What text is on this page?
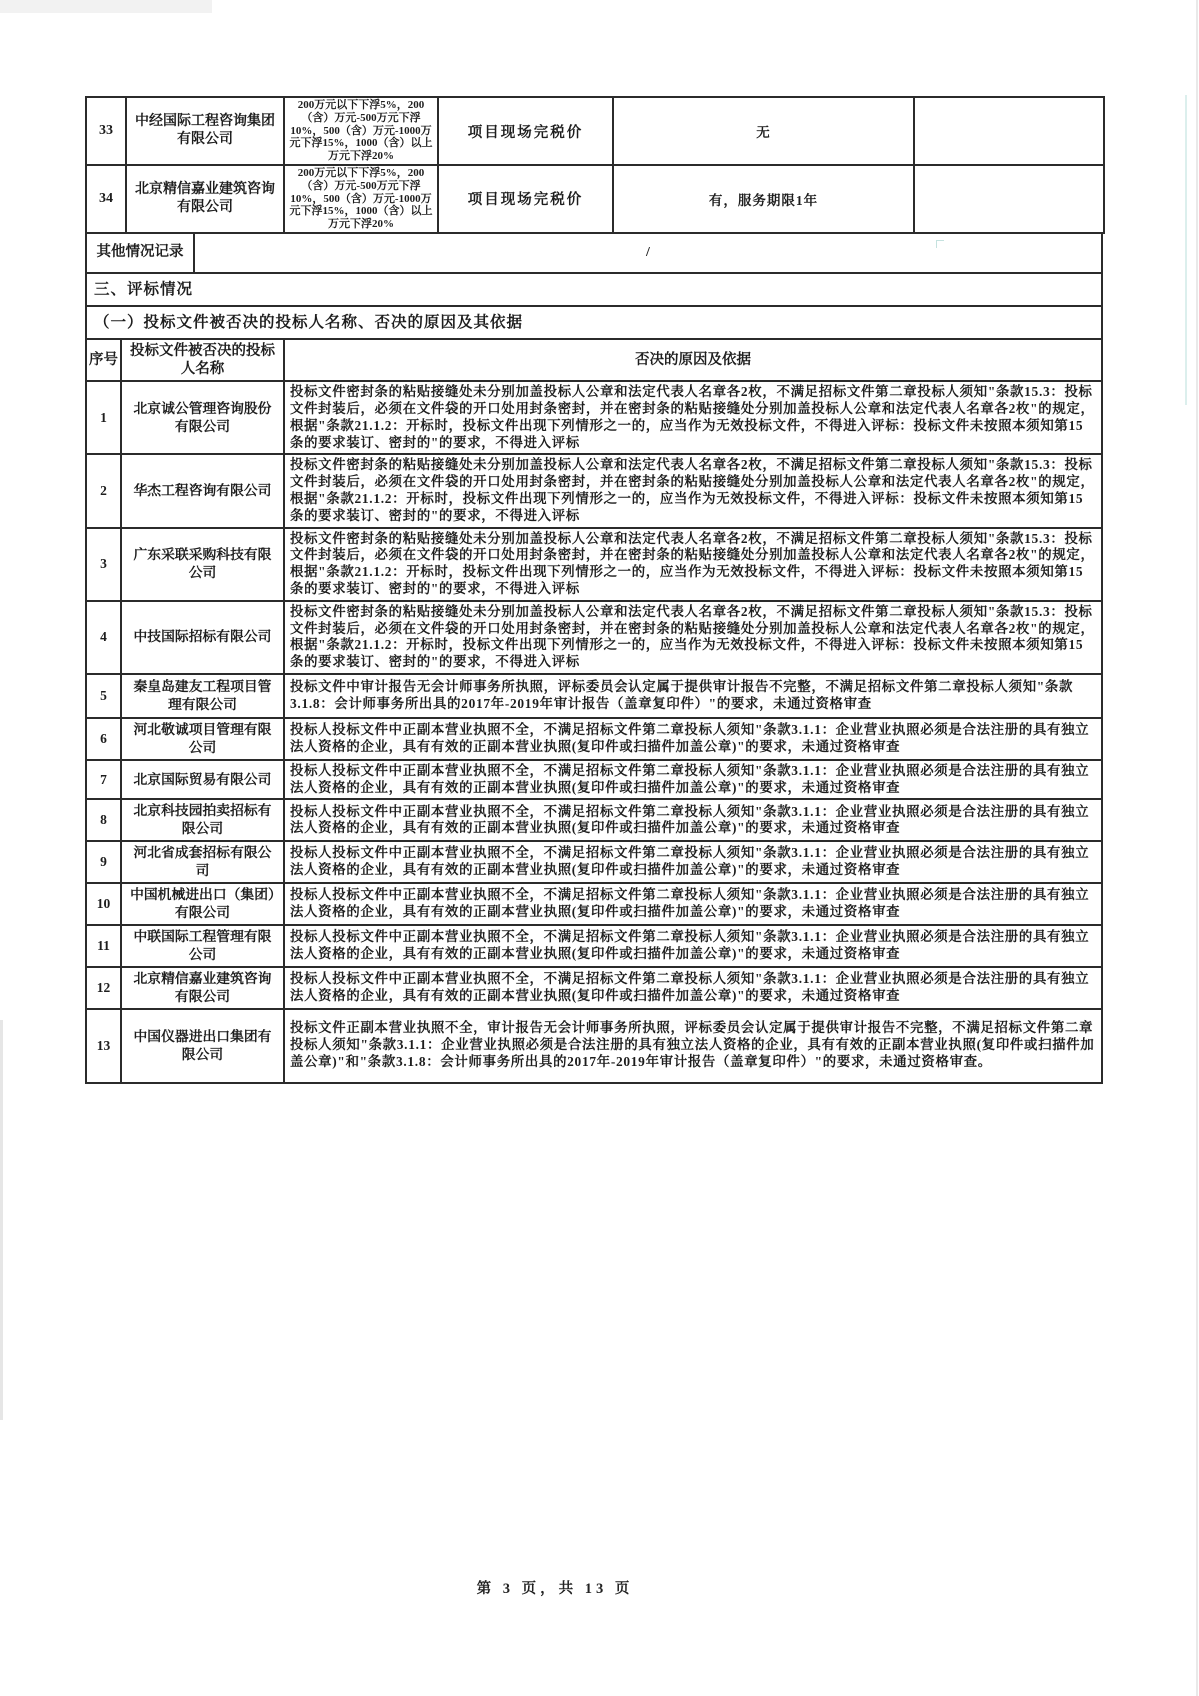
33	中经国际工程咨询集团有限公司	200万元以下下浮5%，200（含）万元-500万元下浮10%，500（含）万元-1000万元下浮15%，1000（含）以上万元下浮20%	项目现场完税价	无	
34	北京精信嘉业建筑咨询有限公司	200万元以下下浮5%，200（含）万元-500万元下浮10%，500（含）万元-1000万元下浮15%，1000（含）以上万元下浮20%	项目现场完税价	有，服务期限1年	
其他情况记录	/
三、评标情况
（一）投标文件被否决的投标人名称、否决的原因及其依据
序号	投标文件被否决的投标人名称	否决的原因及依据
1	北京诚公管理咨询股份有限公司	投标文件密封条的粘贴接缝处未分别加盖投标人公章和法定代表人名章各2枚，不满足招标文件第二章投标人须知"条款15.3：投标文件封装后，必须在文件袋的开口处用封条密封，并在密封条的粘贴接缝处分别加盖投标人公章和法定代表人名章各2枚"的规定，根据"条款21.1.2：开标时，投标文件出现下列情形之一的，应当作为无效投标文件，不得进入评标：投标文件未按照本须知第15条的要求装订、密封的"的要求，不得进入评标
2	华杰工程咨询有限公司	投标文件密封条的粘贴接缝处未分别加盖投标人公章和法定代表人名章各2枚，不满足招标文件第二章投标人须知"条款15.3：投标文件封装后，必须在文件袋的开口处用封条密封，并在密封条的粘贴接缝处分别加盖投标人公章和法定代表人名章各2枚"的规定，根据"条款21.1.2：开标时，投标文件出现下列情形之一的，应当作为无效投标文件，不得进入评标：投标文件未按照本须知第15条的要求装订、密封的"的要求，不得进入评标
3	广东采联采购科技有限公司	投标文件密封条的粘贴接缝处未分别加盖投标人公章和法定代表人名章各2枚，不满足招标文件第二章投标人须知"条款15.3：投标文件封装后，必须在文件袋的开口处用封条密封，并在密封条的粘贴接缝处分别加盖投标人公章和法定代表人名章各2枚"的规定，根据"条款21.1.2：开标时，投标文件出现下列情形之一的，应当作为无效投标文件，不得进入评标：投标文件未按照本须知第15条的要求装订、密封的"的要求，不得进入评标
4	中技国际招标有限公司	投标文件密封条的粘贴接缝处未分别加盖投标人公章和法定代表人名章各2枚，不满足招标文件第二章投标人须知"条款15.3：投标文件封装后，必须在文件袋的开口处用封条密封，并在密封条的粘贴接缝处分别加盖投标人公章和法定代表人名章各2枚"的规定，根据"条款21.1.2：开标时，投标文件出现下列情形之一的，应当作为无效投标文件，不得进入评标：投标文件未按照本须知第15条的要求装订、密封的"的要求，不得进入评标
5	秦皇岛建友工程项目管理有限公司	投标文件中审计报告无会计师事务所执照，评标委员会认定属于提供审计报告不完整，不满足招标文件第二章投标人须知"条款3.1.8：会计师事务所出具的2017年-2019年审计报告（盖章复印件）"的要求，未通过资格审查
6	河北敬诚项目管理有限公司	投标人投标文件中正副本营业执照不全，不满足招标文件第二章投标人须知"条款3.1.1：企业营业执照必须是合法注册的具有独立法人资格的企业，具有有效的正副本营业执照(复印件或扫描件加盖公章)"的要求，未通过资格审查
7	北京国际贸易有限公司	投标人投标文件中正副本营业执照不全，不满足招标文件第二章投标人须知"条款3.1.1：企业营业执照必须是合法注册的具有独立法人资格的企业，具有有效的正副本营业执照(复印件或扫描件加盖公章)"的要求，未通过资格审查
8	北京科技园拍卖招标有限公司	投标人投标文件中正副本营业执照不全，不满足招标文件第二章投标人须知"条款3.1.1：企业营业执照必须是合法注册的具有独立法人资格的企业，具有有效的正副本营业执照(复印件或扫描件加盖公章)"的要求，未通过资格审查
9	河北省成套招标有限公司	投标人投标文件中正副本营业执照不全，不满足招标文件第二章投标人须知"条款3.1.1：企业营业执照必须是合法注册的具有独立法人资格的企业，具有有效的正副本营业执照(复印件或扫描件加盖公章)"的要求，未通过资格审查
10	中国机械进出口（集团）有限公司	投标人投标文件中正副本营业执照不全，不满足招标文件第二章投标人须知"条款3.1.1：企业营业执照必须是合法注册的具有独立法人资格的企业，具有有效的正副本营业执照(复印件或扫描件加盖公章)"的要求，未通过资格审查
11	中联国际工程管理有限公司	投标人投标文件中正副本营业执照不全，不满足招标文件第二章投标人须知"条款3.1.1：企业营业执照必须是合法注册的具有独立法人资格的企业，具有有效的正副本营业执照(复印件或扫描件加盖公章)"的要求，未通过资格审查
12	北京精信嘉业建筑咨询有限公司	投标人投标文件中正副本营业执照不全，不满足招标文件第二章投标人须知"条款3.1.1：企业营业执照必须是合法注册的具有独立法人资格的企业，具有有效的正副本营业执照(复印件或扫描件加盖公章)"的要求，未通过资格审查
13	中国仪器进出口集团有限公司	投标文件正副本营业执照不全，审计报告无会计师事务所执照，评标委员会认定属于提供审计报告不完整，不满足招标文件第二章投标人须知"条款3.1.1：企业营业执照必须是合法注册的具有独立法人资格的企业，具有有效的正副本营业执照(复印件或扫描件加盖公章)"和"条款3.1.8：会计师事务所出具的2017年-2019年审计报告（盖章复印件）"的要求，未通过资格审查。
第 3 页，共 13 页
